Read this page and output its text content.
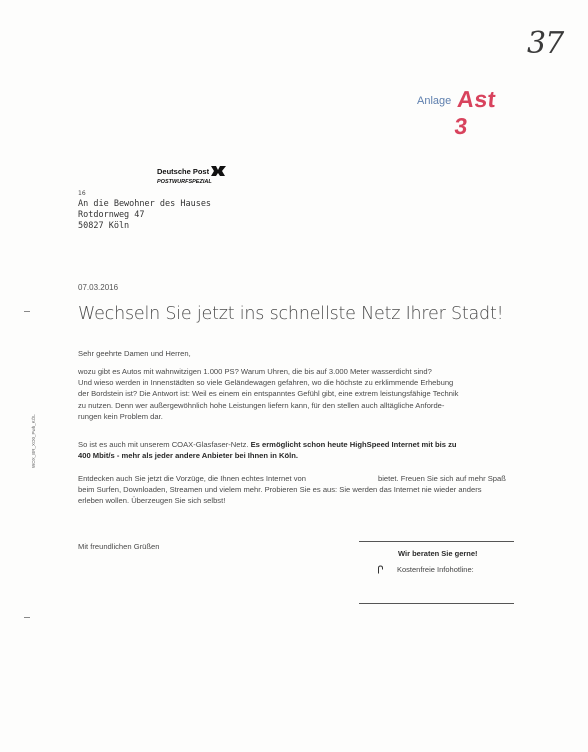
37
Anlage Ast 3
Deutsche Post
POSTWURFSPEZIAL
16
An die Bewohner des Hauses
Rotdornweg 47
50827 Köln
07.03.2016
Wechseln Sie jetzt ins schnellste Netz Ihrer Stadt!
Sehr geehrte Damen und Herren,
wozu gibt es Autos mit wahnwitzigen 1.000 PS? Warum Uhren, die bis auf 3.000 Meter wasserdicht sind?
Und wieso werden in Innenstädten so viele Geländewagen gefahren, wo die höchste zu erklimmende Erhebung
der Bordstein ist? Die Antwort ist: Weil es einem ein entspanntes Gefühl gibt, eine extrem leistungsfähige Technik
zu nutzen. Denn wer außergewöhnlich hohe Leistungen liefern kann, für den stellen auch alltägliche Anforde-
rungen kein Problem dar.
So ist es auch mit unserem COAX-Glasfaser-Netz. Es ermöglicht schon heute HighSpeed Internet mit bis zu
400 Mbit/s - mehr als jeder andere Anbieter bei Ihnen in Köln.
Entdecken auch Sie jetzt die Vorzüge, die Ihnen echtes Internet von	bietet. Freuen Sie sich auf mehr Spaß
beim Surfen, Downloaden, Streamen und vielem mehr. Probieren Sie es aus: Sie werden das Internet nie wieder anders
erleben wollen. Überzeugen Sie sich selbst!
Mit freundlichen Grüßen
WOX_BR_XO0_Pwh_KÖL
Wir beraten Sie gerne!
Kostenfreie Infohotline:
